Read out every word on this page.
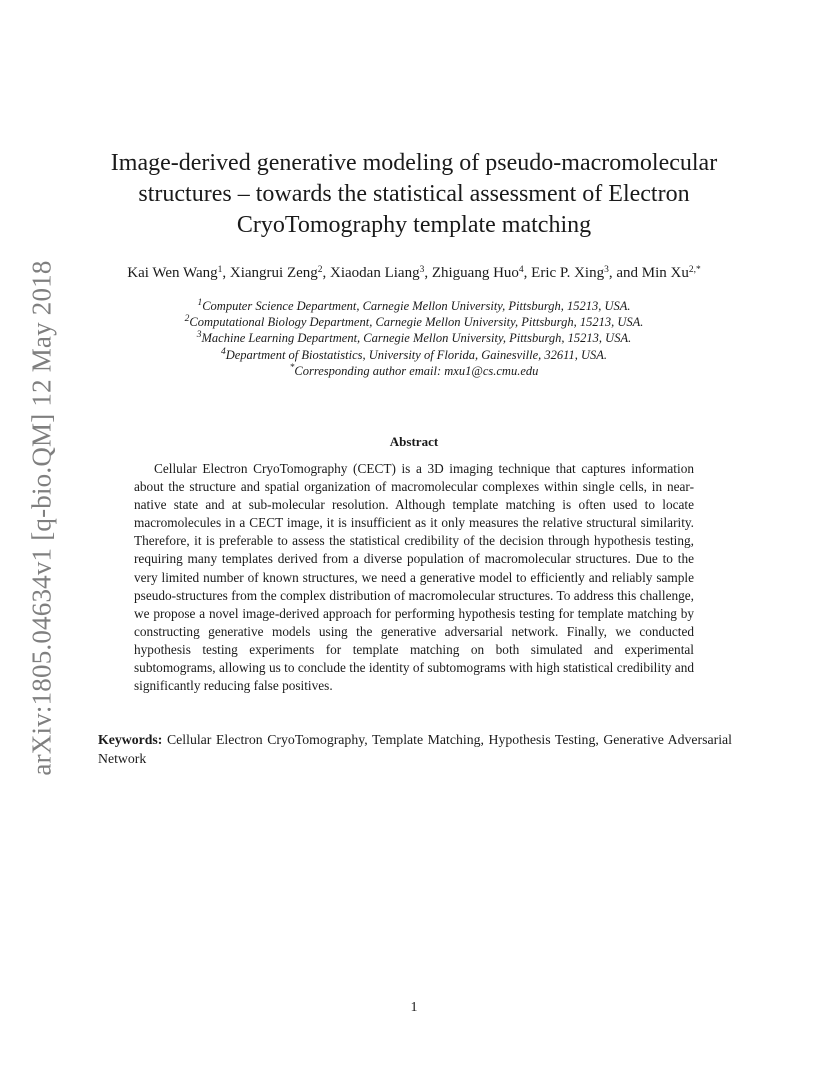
arXiv:1805.04634v1 [q-bio.QM] 12 May 2018
Image-derived generative modeling of pseudo-macromolecular structures – towards the statistical assessment of Electron CryoTomography template matching
Kai Wen Wang$^1$, Xiangrui Zeng$^2$, Xiaodan Liang$^3$, Zhiguang Huo$^4$, Eric P. Xing$^3$, and Min $Xu^{2,*}$
$^1$Computer Science Department, Carnegie Mellon University, Pittsburgh, 15213, USA.
$^2$Computational Biology Department, Carnegie Mellon University, Pittsburgh, 15213, USA.
$^3$Machine Learning Department, Carnegie Mellon University, Pittsburgh, 15213, USA.
$^4$Department of Biostatistics, University of Florida, Gainesville, 32611, USA.
*Corresponding author email: mxu1@cs.cmu.edu
Abstract

Cellular Electron CryoTomography (CECT) is a 3D imaging technique that captures information about the structure and spatial organization of macromolecular complexes within single cells, in near-native state and at sub-molecular resolution. Although template matching is often used to locate macromolecules in a CECT image, it is insufficient as it only measures the relative structural similarity. Therefore, it is preferable to assess the statistical credibility of the decision through hypothesis testing, requiring many templates derived from a diverse population of macromolecular structures. Due to the very limited number of known structures, we need a generative model to efficiently and reliably sample pseudo-structures from the complex distribution of macromolecular structures. To address this challenge, we propose a novel image-derived approach for performing hypothesis testing for template matching by constructing generative models using the generative adversarial network. Finally, we conducted hypothesis testing experiments for template matching on both simulated and experimental subtomograms, allowing us to conclude the identity of subtomograms with high statistical credibility and significantly reducing false positives.

Keywords: Cellular Electron CryoTomography, Template Matching, Hypothesis Testing, Generative Adversarial Network

1
